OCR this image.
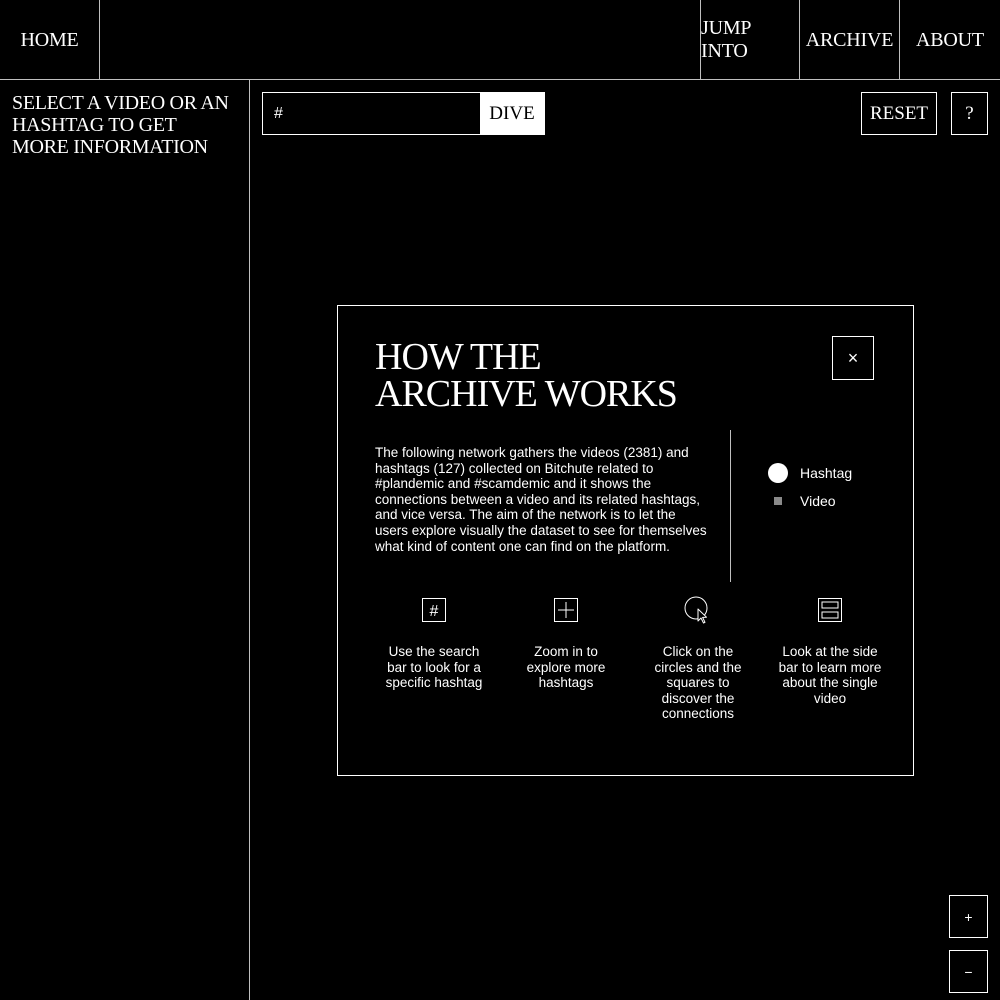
HOME
JUMP INTO
ARCHIVE	ABOUT
SELECT A VIDEO OR AN HASHTAG TO GET MORE INFORMATION
#
DIVE	RESET	?
HOW THE ARCHIVE WORKS
×
The following network gathers the videos (2381) and hashtags (127) collected on Bitchute related to #plandemic and #scamdemic and it shows the connections between a video and its related hashtags, and vice versa. The aim of the network is to let the users explore visually the dataset to see for themselves what kind of content one can find on the platform.
Hashtag
Video
#
Use the search bar to look for a specific hashtag
Zoom in to explore more hashtags
Click on the circles and the squares to discover the connections
Look at the side bar to learn more about the single video
+
−
